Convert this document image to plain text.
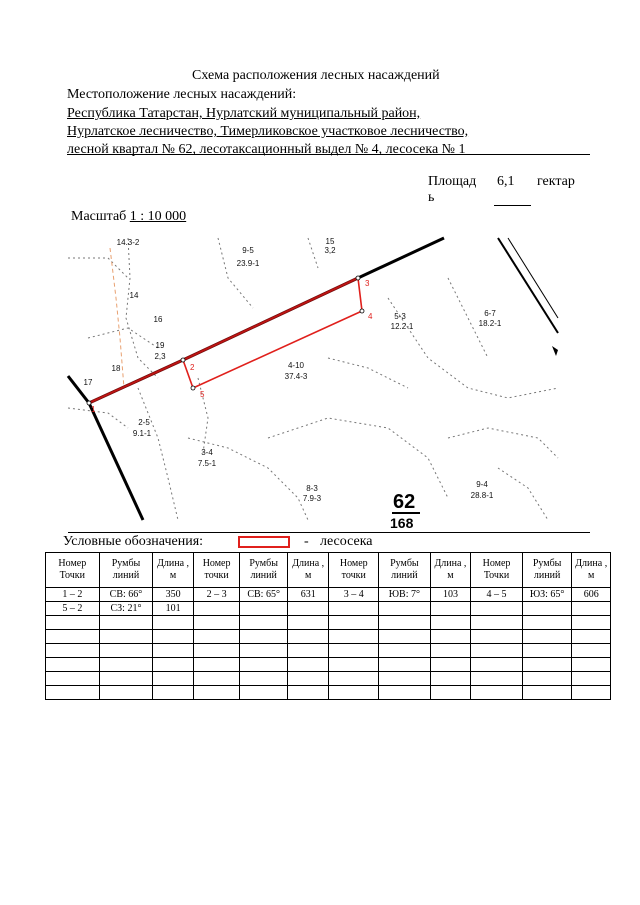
Схема расположения лесных насаждений
Местоположение лесных насаждений:
Республика Татарстан, Нурлатский муниципальный район,
Нурлатское лесничество, Тимерликовское участковое лесничество,
лесной квартал № 62, лесотаксационный выдел № 4, лесосека № 1
Площад
ь
6,1 гектар
Масштаб 1 : 10 000
1
2
3
4
5
14.3-2
9-5
23.9-1
15
3,2
14
16
19
2,3
17
18
5-3
12.2-1
6-7
18.2-1
4-10
37.4-3
2-5
9.1-1
3-4
7.5-1
8-3
7.9-3
9-4
28.8-1
62
168
Условные обозначения:	- лесосека
Номер Точки	Румбы линий	Длина , м	Номер точки	Румбы линий	Длина , м	Номер точки	Румбы линий	Длина , м	Номер Точки	Румбы линий	Длина , м
1 – 2	СВ: 66°	350	2 – 3	СВ: 65°	631	3 – 4	ЮВ: 7°	103	4 – 5	ЮЗ: 65°	606
5 – 2	СЗ: 21°	101									
